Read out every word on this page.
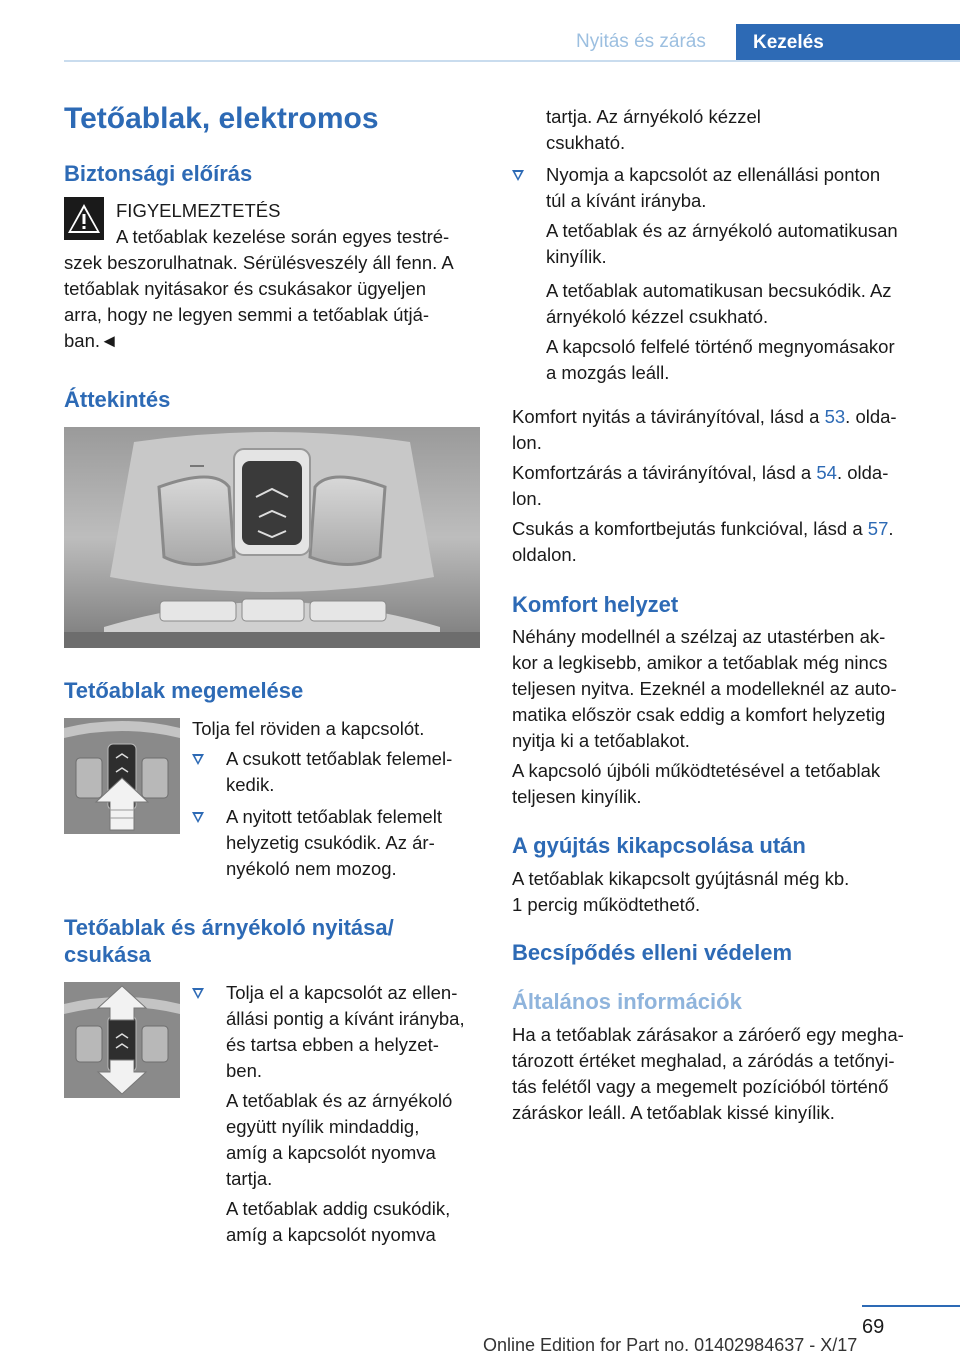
Nyitás és zárás	Kezelés
Tetőablak, elektromos
Biztonsági előírás
FIGYELMEZTETÉS
A tetőablak kezelése során egyes testré-
szek beszorulhatnak. Sérülésveszély áll fenn. A
tetőablak nyitásakor és csukásakor ügyeljen
arra, hogy ne legyen semmi a tetőablak útjá-
ban.◄
Áttekintés
Tetőablak megemelése
Tolja fel röviden a kapcsolót.
A csukott tetőablak felemel-
kedik.
A nyitott tetőablak felemelt
helyzetig csukódik. Az ár-
nyékoló nem mozog.
Tetőablak és árnyékoló nyitása/
csukása
Tolja el a kapcsolót az ellen-
állási pontig a kívánt irányba,
és tartsa ebben a helyzet-
ben.
A tetőablak és az árnyékoló
együtt nyílik mindaddig,
amíg a kapcsolót nyomva
tartja.
A tetőablak addig csukódik,
amíg a kapcsolót nyomva
tartja. Az árnyékoló kézzel
csukható.
Nyomja a kapcsolót az ellenállási ponton
túl a kívánt irányba.
A tetőablak és az árnyékoló automatikusan
kinyílik.
A tetőablak automatikusan becsukódik. Az
árnyékoló kézzel csukható.
A kapcsoló felfelé történő megnyomásakor
a mozgás leáll.
Komfort nyitás a távirányítóval, lásd a 53. olda-
lon.
Komfortzárás a távirányítóval, lásd a 54. olda-
lon.
Csukás a komfortbejutás funkcióval, lásd a 57.
oldalon.
Komfort helyzet
Néhány modellnél a szélzaj az utastérben ak-
kor a legkisebb, amikor a tetőablak még nincs
teljesen nyitva. Ezeknél a modelleknél az auto-
matika először csak eddig a komfort helyzetig
nyitja ki a tetőablakot.
A kapcsoló újbóli működtetésével a tetőablak
teljesen kinyílik.
A gyújtás kikapcsolása után
A tetőablak kikapcsolt gyújtásnál még kb.
1 percig működtethető.
Becsípődés elleni védelem
Általános információk
Ha a tetőablak zárásakor a záróerő egy megha-
tározott értéket meghalad, a záródás a tetőnyi-
tás felétől vagy a megemelt pozícióból történő
záráskor leáll. A tetőablak kissé kinyílik.
69
Online Edition for Part no. 01402984637 - X/17
